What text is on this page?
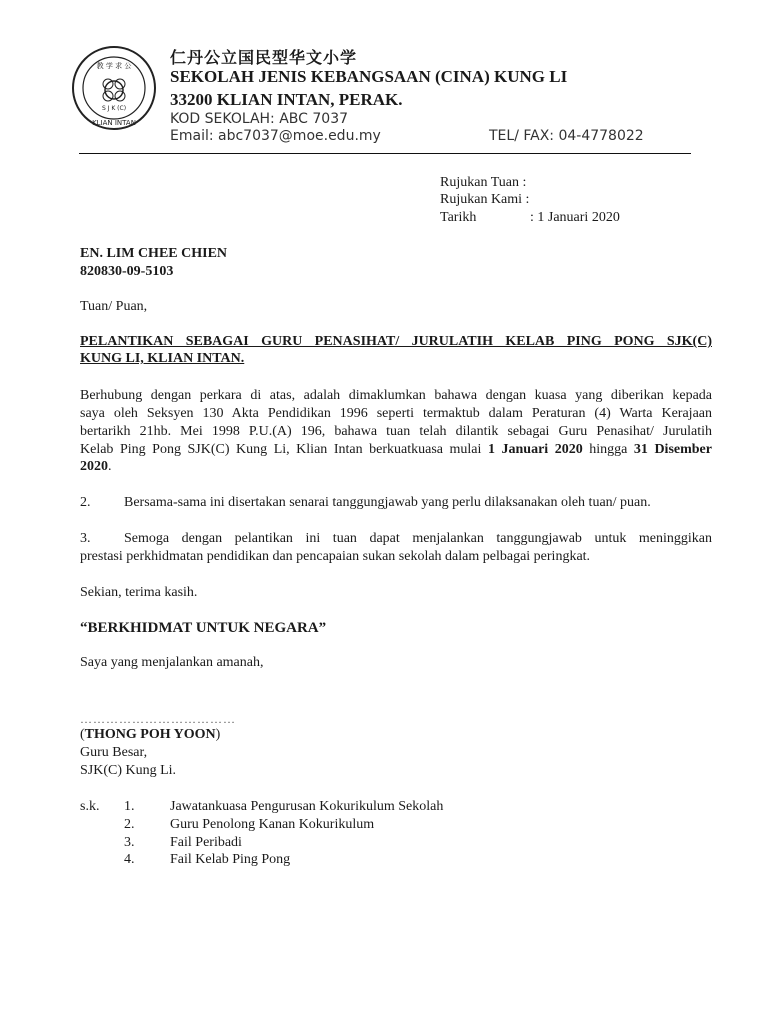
教 学 求 公
S J K (C)
KLIAN INTAN
仁丹公立国民型华文小学
SEKOLAH JENIS KEBANGSAAN (CINA) KUNG LI
33200 KLIAN INTAN, PERAK.
KOD SEKOLAH: ABC 7037
Email: abc7037@moe.edu.my	TEL/ FAX: 04-4778022
Rujukan Tuan :
Rujukan Kami :
Tarikh	: 1 Januari 2020
EN. LIM CHEE CHIEN
820830-09-5103
Tuan/ Puan,
PELANTIKAN SEBAGAI GURU PENASIHAT/ JURULATIH KELAB PING PONG SJK(C)
KUNG LI, KLIAN INTAN.
Berhubung dengan perkara di atas, adalah dimaklumkan bahawa dengan kuasa yang diberikan kepada
saya oleh Seksyen 130 Akta Pendidikan 1996 seperti termaktub dalam Peraturan (4) Warta Kerajaan
bertarikh 21hb. Mei 1998 P.U.(A) 196, bahawa tuan telah dilantik sebagai Guru Penasihat/ Jurulatih
Kelab Ping Pong SJK(C) Kung Li, Klian Intan berkuatkuasa mulai 1 Januari 2020 hingga 31 Disember
2020.
2. Bersama-sama ini disertakan senarai tanggungjawab yang perlu dilaksanakan oleh tuan/ puan.
3. Semoga dengan pelantikan ini tuan dapat menjalankan tanggungjawab untuk meninggikan
prestasi perkhidmatan pendidikan dan pencapaian sukan sekolah dalam pelbagai peringkat.
Sekian, terima kasih.
“BERKHIDMAT UNTUK NEGARA”
Saya yang menjalankan amanah,
………………………………
(THONG POH YOON)
Guru Besar,
SJK(C) Kung Li.
s.k. 1.	Jawatankuasa Pengurusan Kokurikulum Sekolah
2.	Guru Penolong Kanan Kokurikulum
3.	Fail Peribadi
4.	Fail Kelab Ping Pong
